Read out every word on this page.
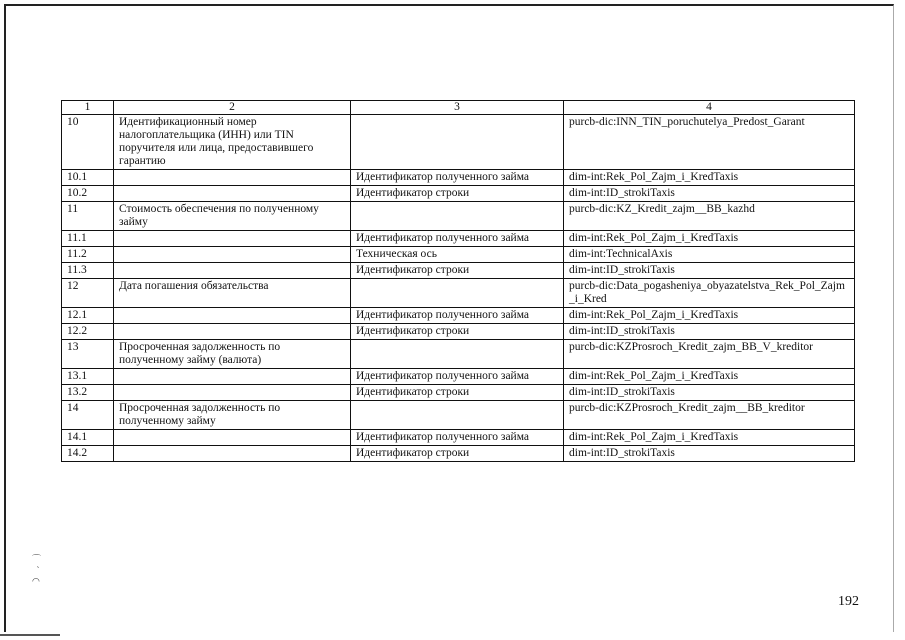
1	2	3	4
10	Идентификационный номер налогоплательщика (ИНН) или TIN поручителя или лица, предоставившего гарантию		purcb-dic:INN_TIN_poruchutelya_Predost_Garant
10.1		Идентификатор полученного займа	dim-int:Rek_Pol_Zajm_i_KredTaxis
10.2		Идентификатор строки	dim-int:ID_strokiTaxis
11	Стоимость обеспечения по полученному займу		purcb-dic:KZ_Kredit_zajm__BB_kazhd
11.1		Идентификатор полученного займа	dim-int:Rek_Pol_Zajm_i_KredTaxis
11.2		Техническая ось	dim-int:TechnicalAxis
11.3		Идентификатор строки	dim-int:ID_strokiTaxis
12	Дата погашения обязательства		purcb-dic:Data_pogasheniya_obyazatelstva_Rek_Pol_Zajm_i_Kred
12.1		Идентификатор полученного займа	dim-int:Rek_Pol_Zajm_i_KredTaxis
12.2		Идентификатор строки	dim-int:ID_strokiTaxis
13	Просроченная задолженность по полученному займу (валюта)		purcb-dic:KZProsroch_Kredit_zajm_BB_V_kreditor
13.1		Идентификатор полученного займа	dim-int:Rek_Pol_Zajm_i_KredTaxis
13.2		Идентификатор строки	dim-int:ID_strokiTaxis
14	Просроченная задолженность по полученному займу		purcb-dic:KZProsroch_Kredit_zajm__BB_kreditor
14.1		Идентификатор полученного займа	dim-int:Rek_Pol_Zajm_i_KredTaxis
14.2		Идентификатор строки	dim-int:ID_strokiTaxis
⌒
ˋ
◠
192
